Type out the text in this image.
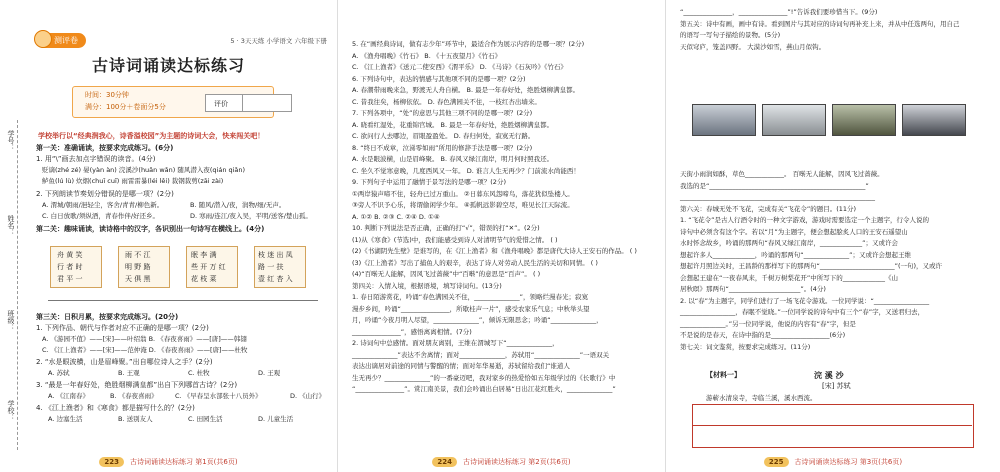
测评卷	5 · 3天天练 小学语文 六年级下册
古诗词诵读达标练习
时间：30分钟
满分：100分＋卷面分5分	评价
学校举行以“经典润我心，诗香溢校园”为主题的诗词大会，快来闯关吧！
学号：
姓名：
班级：
学校：
第一关：准确诵读，按要求完成练习。(6分)
1. 用“\”画去加点字错误的读音。(4分)
贬谪(zhé zé) 晏(yàn àn) 浣溪沙(huǎn wǎn) 随风潜入夜(qián qiǎn)
鲈鱼(lú lù) 炊烟(chuī cuī) 雨雷雷暴(léi lěi) 裁钢裁剪(zāi zài)
2. 下列朗读节奏划分错误的是哪一项？(2分)
A. 渭城/朝雨/浥轻尘，客舍/青青/柳色新。	B. 随风/潜入/夜，润物/细/无声。
C. 白日放歌/须纵酒，青春作伴/好还乡。	D. 寒雨/连江/夜入吴，平明/送客/楚山孤。
第二关：趣味诵读，读诗格中的汉字，各识别出一句诗写在横线上。(4分)
舟 黄 笑
行 者 时
君 平 一
雨 不 江
明 野 路
天 俱 黑
眠 李 满
些 开 万 红
花 枝 菜
枝 迷 出 凤
路 一 扶
壹 红 杏 入
第三关：日积月累，按要求完成练习。(20分)
1. 下列作品、朝代与作者对应不正确的是哪一项？(2分)
A. 《游园不值》——[宋]——叶绍翁 B. 《春夜喜雨》——[唐]——韩翃
C. 《江上渔者》——[宋]——范仲淹 D. 《春夜喜雨》——[唐]——杜牧
2. “水是眼波横，山是眉峰聚。”出自哪位诗人之手？(2分)
A. 苏轼	B. 王观	C. 杜牧	D. 王观
3. “最是一年春好处，绝胜烟柳满皇都”出自下列哪首古诗？(2分)
A. 《江南春》	B. 《春夜喜雨》	C. 《早春呈水部张十八员外》	D. 《山行》
4. 《江上渔者》和《寒食》都是描写什么的？(2分)
A. 边塞生活	B. 送别友人	C. 田园生活	D. 儿童生活
223 古诗词诵读达标练习 第1页(共6页)
5. 在“画经典诗词，做有志少年”环节中，最适合作为展示内容的是哪一项？(2分)
A. 《渔舟唱晚》《竹石》 B. 《十五夜望月》《竹石》
C. 《江上渔者》《送元二使安西》《渭平乐》 D. 《马诗》《石灰吟》《竹石》
6. 下列诗句中，表达的情感与其他项不同的是哪一项？(2分)
A. 春潮带雨晚来急，野渡无人舟自横。 B. 最是一年春好处，绝胜烟柳满皇都。
C. 昔我往矣，杨柳依依。 D. 春色满园关不住，一枝红杏出墙来。
7. 下列各项中，“处”的意思与其他三项不同的是哪一项？(2分)
A. 晓看红湿处，花重锦官城。 B. 最是一年春好处，绝胜烟柳满皇都。
C. 欲问行人去哪边，眉眼盈盈处。 D. 春归何处，寂寞无行路。
8. “终日不成章，泣涕零如雨”所用的修辞手法是哪一项？(2分)
A. 水是眼波横，山是眉峰聚。 B. 春风又绿江南岸，明月何时照我还。
C. 坐久不觉寒意晚，几度西风又一年。 D. 谁言人生无再少？门前流水尚能西！
9. 下列句子中运用了融情于景写法的是哪一项？(2分)
①两岸猿声啼不住，轻舟已过万重山。 ②日暮东风怨啼鸟，落花犹似坠楼人。
③旁人不识予心乐，将谓偷闲学少年。 ④孤帆远影碧空尽，唯见长江天际流。
A. ①② B. ②③ C. ②④ D. ①④
10. 判断下列说法是否正确，正确的打“√”，错误的打“✕”。(2分)
(1)从《寒食》(节选)中，我们能感受到诗人对清明节气的爱惜之情。 ( )
(2)《书湖阴先生壁》是谁写的，在《江上渔者》和《渔舟唱晚》都是唐代大诗人王安石的作品。 ( )
(3)《江上渔者》写出了捕鱼人的艰辛，表达了诗人对劳动人民生活的关切和同情。 ( )
(4)“百啭无人能解，因风飞过蔷薇”中“百啭”的意思是“百声”。 ( )
第四关：入情入境，根据语境，填写诗词句。(13分)
1. 春日陌游赏花，吟诵“春色满园关不住，______________”，领略烂漫春光；寂寞
漫步乡间，吟诵“_______________，所歇桂声一片”，感受农家乐气息；中秋举头望
月，吟诵“今夜月明人尽望，______________”，倾诉无限思念；吟诵“______________，
_______________”，感悟离离相情。(7分)
2. 诗词句中总感情。面对朋友离别，王维在渭城写下“______________，
______________”表达不舍离情；面对______________，苏轼用“______________”一语双关
表达出谪居对前途的同情与警醒的情；面对年华易逝，苏轼留给我们“谁道人
生无再少？______________”的一番豪迈吧，我对家乡的热爱恰如五年级学过的《长歌行》中
“_______________”。赏江南美景，我们会吟诵出白居易“日出江花红胜火，______________”
224 古诗词诵读达标练习 第2页(共6页)
“_______________，_______________”!”告诉我们要珍惜当下。(9分)
第五关：诗中有画，画中有诗。看到图片与其对应的诗词句再补充上来，并从中任选两句，用自己
的语写一写句子描绘的景物。(5分)
天似穹庐，笼盖四野。 大漠沙如雪，燕山月似钩。
天街小雨润如酥，草色____________。 百啭无人能解，因风飞过蔷薇。
我选的是“________________________________________________”
____________________________________________________________
第六关：春城无处不飞花，完成有关“飞花令”的题目。(11分)
1. “飞花令”是古人行酒令时的一种文字游戏，游戏时需要选定一个主题字，行令人说的
诗句中必须含有这个字。若以“月”为主题字，便会想起脍炙人口的王安石遥望山
水时怀念故乡，吟诵的那两句“春风又绿江南岸，_____________”；又或许会
想起许多人_____________，吟诵的那两句“______________”；又或许会想起王维
想起许月照边关时，王昌龄的那样写下的那两句“_______________________”(一句)，又或许
会想起王建在“一夜春风来，千树万树梨花开”中所写下的_____________《山
居秋暝》那两句“______________________”。(4分)
2. 以“春”为主题字，同学们进行了一场飞花令游戏。一位同学说：“_________________
_________________，春眠不觉晓。”一位同学说的诗句中有三个“春”字，又送君归去，
______________。”另一位同学说，他说的内容有“春”字，但是
不是说的是春天，在诗中指的是__________________(6分)
第七关：词文鉴赏，按要求完成练习。(11分)
【材料一】	浣 溪 沙
[宋] 苏轼
游蕲水清泉寺，寺临兰溪，溪水西流。
225 古诗词诵读达标练习 第3页(共6页)
